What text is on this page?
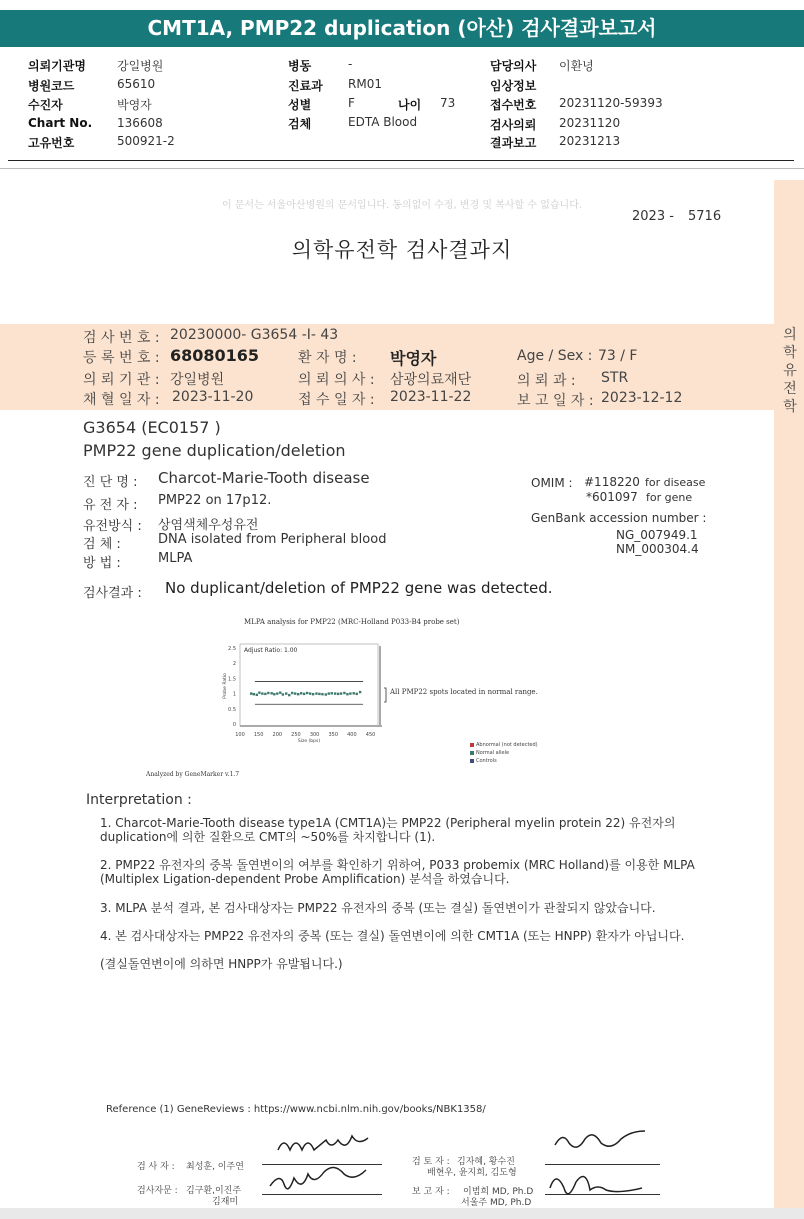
CMT1A, PMP22 duplication (아산) 검사결과보고서
의뢰기관명	강일병원
병원코드	65610
수진자	박영자
Chart No. 136608
고유번호	500921-2
병동	-
진료과 RM01
성별	F	나이 73
검체	EDTA Blood
담당의사 이환녕
임상정보
접수번호 20231120-59393
검사의뢰 20231120
결과보고 20231213
이 문서는 서울아산병원의 문서입니다. 동의없이 수정, 변경 및 복사할 수 없습니다.
2023 - 5716
의학유전학 검사결과지
의
학
유
전
학
검 사 번 호 : 20230000- G3654 -I- 43
등 록 번 호 : 68080165	환 자 명 : 박영자	Age / Sex : 73 / F
의 뢰 기 관 : 강일병원	의 뢰 의 사 : 삼광의료재단	의 뢰 과 : STR
채 혈 일 자 : 2023-11-20	접 수 일 자 : 2023-11-22	보 고 일 자 : 2023-12-12
G3654 (EC0157 )
PMP22 gene duplication/deletion
진 단 명 : Charcot-Marie-Tooth disease
유 전 자 : PMP22 on 17p12.
유전방식 : 상염색체우성유전
검 체 :	DNA isolated from Peripheral blood
방 법 :	MLPA
OMIM : #118220 for disease
*601097 for gene
GenBank accession number :
NG_007949.1
NM_000304.4
검사결과 : No duplicant/deletion of PMP22 gene was detected.
MLPA analysis for PMP22 (MRC-Holland P033-B4 probe set)
Adjust Ratio: 1.00
0
0.5
1
1.5
2
2.5
100 150 200 250 300 350 400 450
Size (bps)
Probe Ratio	All PMP22 spots located in normal range.
Abnormal (not detected)
Normal allele
Controls
Analyzed by GeneMarker v.1.7
Interpretation :

1. Charcot-Marie-Tooth disease type1A (CMT1A)는 PMP22 (Peripheral myelin protein 22) 유전자의 duplication에 의한 질환으로 CMT의 ~50%를 차지합니다 (1).

2. PMP22 유전자의 중복 돌연변이의 여부를 확인하기 위하여, P033 probemix (MRC Holland)를 이용한 MLPA (Multiplex Ligation-dependent Probe Amplification) 분석을 하였습니다.

3. MLPA 분석 결과, 본 검사대상자는 PMP22 유전자의 중복 (또는 결실) 돌연변이가 관찰되지 않았습니다.

4. 본 검사대상자는 PMP22 유전자의 중복 (또는 결실) 돌연변이에 의한 CMT1A (또는 HNPP) 환자가 아닙니다.

(결실돌연변이에 의하면 HNPP가 유발됩니다.)

Reference (1) GeneReviews : https://www.ncbi.nlm.nih.gov/books/NBK1358/
검 사 자 : 최성훈, 이주연
검사자문 : 김구환,이진주
김재미
검 토 자 : 김자혜, 황수진
배현우, 윤지희, 김도형
보 고 자 : 이범희 MD, Ph.D
서울주 MD, Ph.D
